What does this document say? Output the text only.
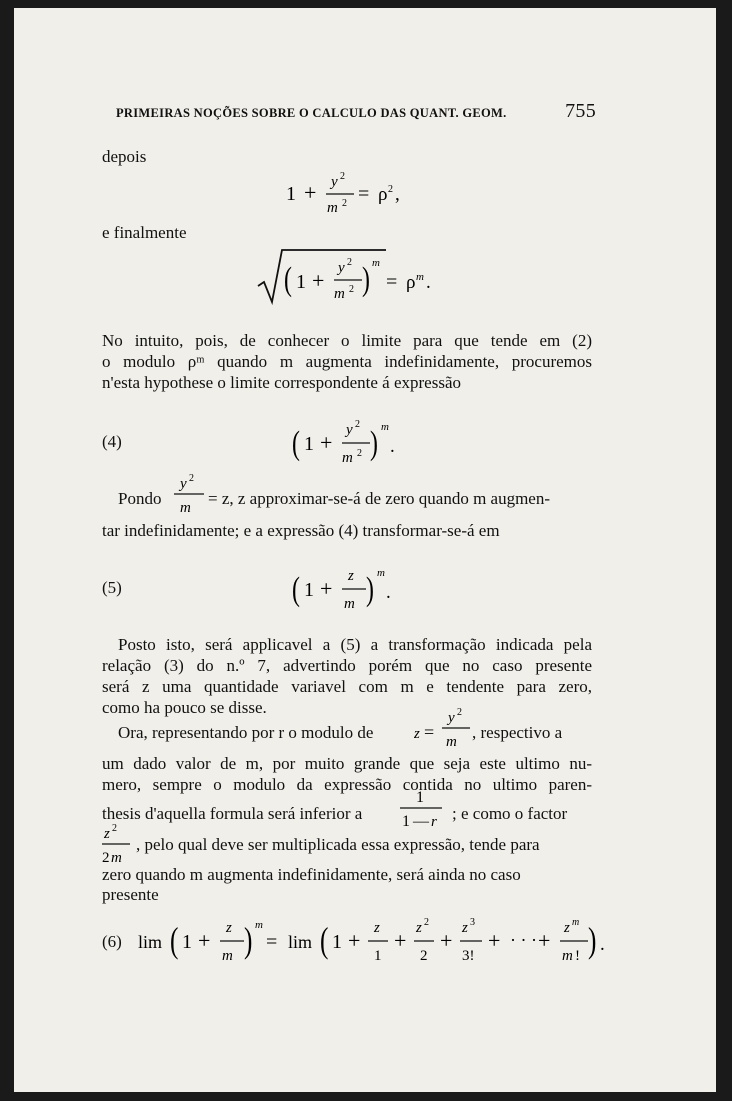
PRIMEIRAS NOÇÕES SOBRE O CALCULO DAS QUANT. GEOM.	755
depois
1 + y 2
m 2 = ρ 2 ,
e finalmente
( 1 + y 2
m 2 ) m
= ρ m .
No intuito, pois, de conhecer o limite para que tende em (2)
o modulo ρᵐ quando m augmenta indefinidamente, procuremos
n'esta hypothese o limite correspondente á expressão
(4)	( 1 + y 2
m 2 ) m
.
Pondo
y 2
m = z, z approximar-se-á de zero quando m augmen-
tar indefinidamente; e a expressão (4) transformar-se-á em
(5)	( 1 + z
m ) m
.
Posto isto, será applicavel a (5) a transformação indicada pela
relação (3) do n.º 7, advertindo porém que no caso presente
será z uma quantidade variavel com m e tendente para zero,
como ha pouco se disse.
Ora, representando por r o modulo de	z =
y 2
m , respectivo a
um dado valor de m, por muito grande que seja este ultimo nu-
mero, sempre o modulo da expressão contida no ultimo paren-
thesis d'aquella formula será inferior a
1
1 — r ; e como o factor
z 2
2 m
, pelo qual deve ser multiplicada essa expressão, tende para
zero quando m augmenta indefinidamente, será ainda no caso
presente
(6) lim ( 1 + z
m ) m
= lim ( 1 + z
1
+ z 2
2
+ z 3
3!
+ · · · + z m
m ! ) .
